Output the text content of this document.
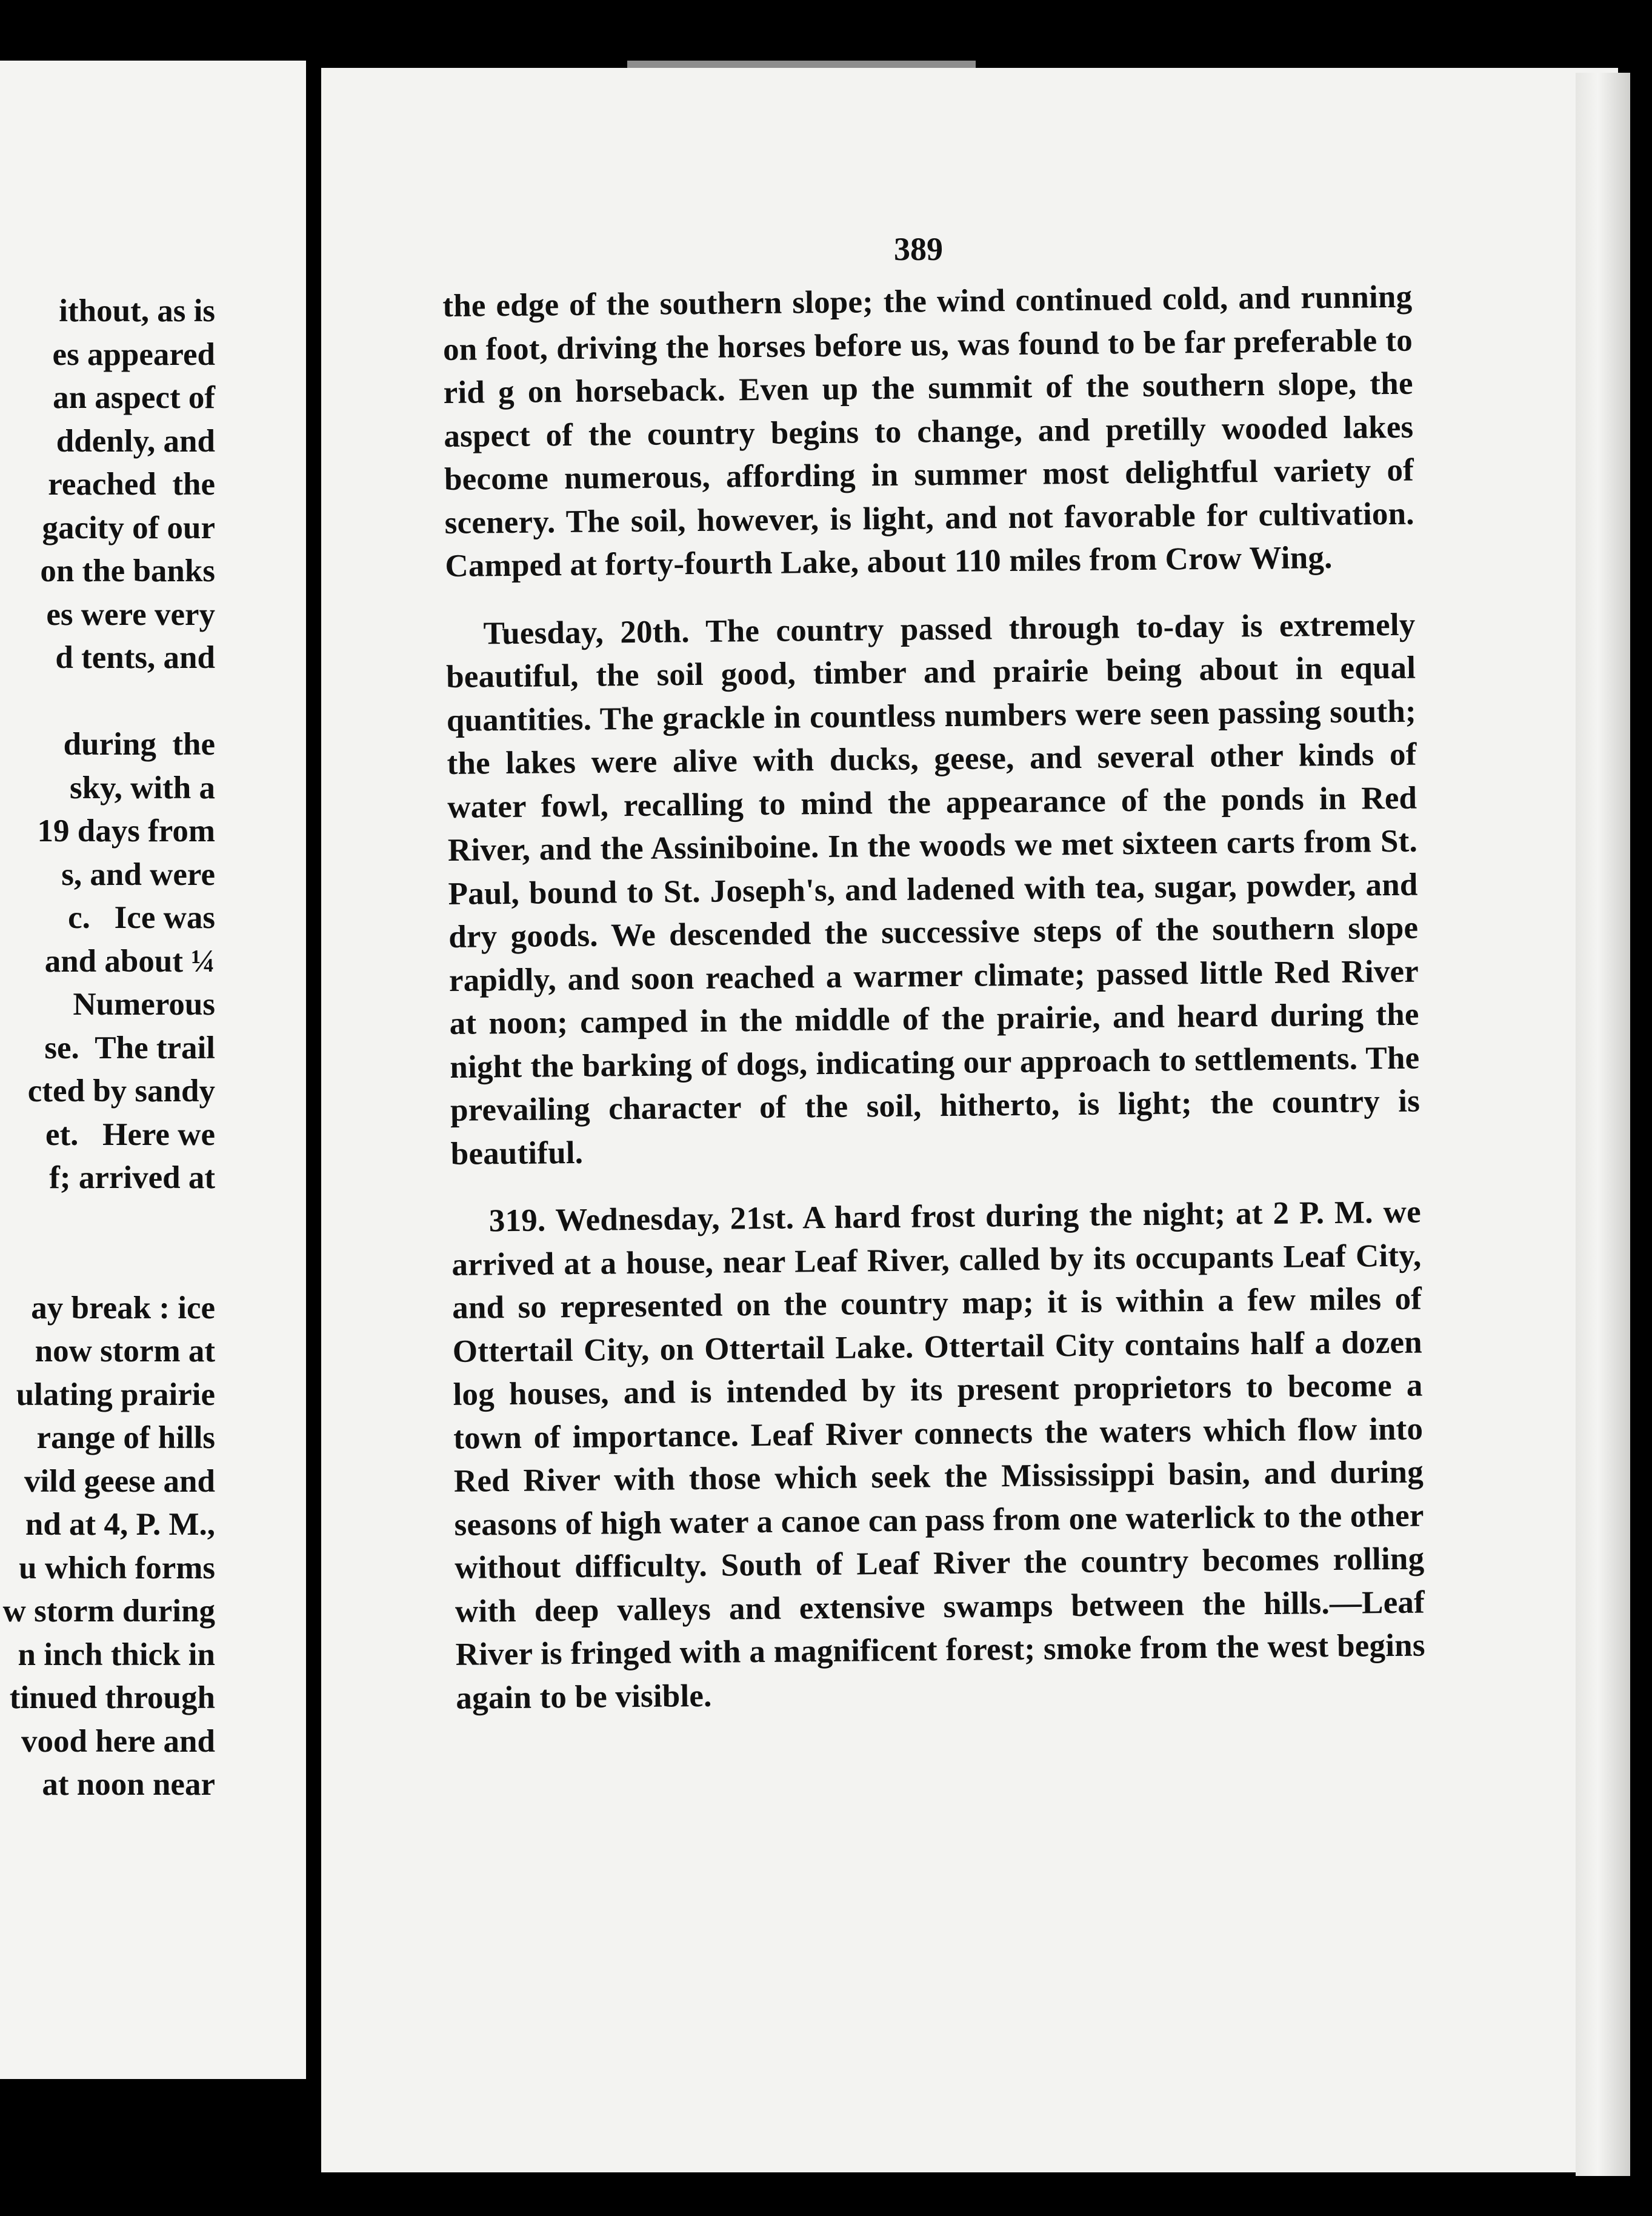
ithout, as is
es appeared
an aspect of
ddenly, and
reached  the
gacity of our
on the banks
es were very
d tents, and
during  the
sky, with a
19 days from
s, and were
c.   Ice was
and about ¼
Numerous
se.  The trail
cted by sandy
et.   Here we
f; arrived at
ay break : ice
now storm at
ulating prairie
range of hills
vild geese and
nd at 4, P. M.,
u which forms
w storm during
n inch thick in
tinued through
vood here and
at noon near
389

the edge of the southern slope; the wind continued cold, and running on foot, driving the horses before us, was found to be far preferable to rid g on horseback. Even up the summit of the southern slope, the aspect of the country begins to change, and pretilly wooded lakes become numerous, affording in summer most delightful variety of scenery. The soil, however, is light, and not favorable for cultivation. Camped at forty-fourth Lake, about 110 miles from Crow Wing.

Tuesday, 20th. The country passed through to-day is extremely beautiful, the soil good, timber and prairie being about in equal quantities. The grackle in countless numbers were seen passing south; the lakes were alive with ducks, geese, and several other kinds of water fowl, recalling to mind the appearance of the ponds in Red River, and the Assiniboine. In the woods we met sixteen carts from St. Paul, bound to St. Joseph's, and ladened with tea, sugar, powder, and dry goods. We descended the successive steps of the southern slope rapidly, and soon reached a warmer climate; passed little Red River at noon; camped in the middle of the prairie, and heard during the night the barking of dogs, indicating our approach to settlements. The prevailing character of the soil, hitherto, is light; the country is beautiful.

319. Wednesday, 21st. A hard frost during the night; at 2 P. M. we arrived at a house, near Leaf River, called by its occupants Leaf City, and so represented on the country map; it is within a few miles of Ottertail City, on Ottertail Lake. Ottertail City contains half a dozen log houses, and is intended by its present proprietors to become a town of importance. Leaf River connects the waters which flow into Red River with those which seek the Mississippi basin, and during seasons of high water a canoe can pass from one waterlick to the other without difficulty. South of Leaf River the country becomes rolling with deep valleys and extensive swamps between the hills.—Leaf River is fringed with a magnificent forest; smoke from the west begins again to be visible.
